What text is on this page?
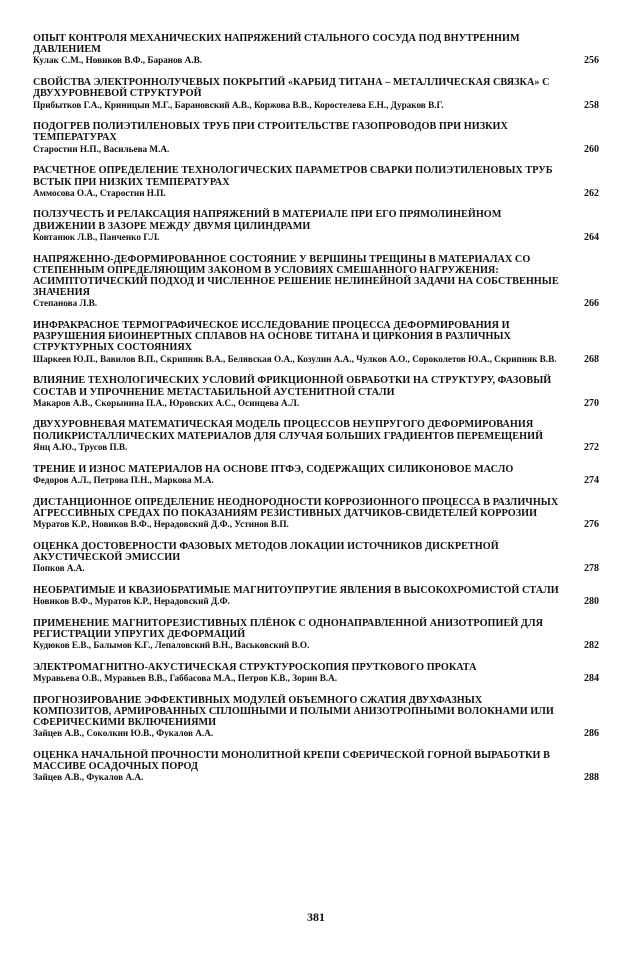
ОПЫТ КОНТРОЛЯ МЕХАНИЧЕСКИХ НАПРЯЖЕНИЙ СТАЛЬНОГО СОСУДА ПОД ВНУТРЕННИМ ДАВЛЕНИЕМ
Кулак С.М., Новиков В.Ф., Баранов А.В.	256
СВОЙСТВА ЭЛЕКТРОННОЛУЧЕВЫХ ПОКРЫТИЙ «КАРБИД ТИТАНА – МЕТАЛЛИЧЕСКАЯ СВЯЗКА» С ДВУХУРОВНЕВОЙ СТРУКТУРОЙ
Прибытков Г.А., Криницын М.Г., Барановский А.В., Коржова В.В., Коростелева Е.Н., Дураков В.Г.	258
ПОДОГРЕВ ПОЛИЭТИЛЕНОВЫХ ТРУБ ПРИ СТРОИТЕЛЬСТВЕ ГАЗОПРОВОДОВ ПРИ НИЗКИХ ТЕМПЕРАТУРАХ
Старостин Н.П., Васильева М.А.	260
РАСЧЕТНОЕ ОПРЕДЕЛЕНИЕ ТЕХНОЛОГИЧЕСКИХ ПАРАМЕТРОВ СВАРКИ ПОЛИЭТИЛЕНОВЫХ ТРУБ ВСТЫК ПРИ НИЗКИХ ТЕМПЕРАТУРАХ
Аммосова О.А., Старостин Н.П.	262
ПОЛЗУЧЕСТЬ И РЕЛАКСАЦИЯ НАПРЯЖЕНИЙ В МАТЕРИАЛЕ ПРИ ЕГО ПРЯМОЛИНЕЙНОМ ДВИЖЕНИИ В ЗАЗОРЕ МЕЖДУ ДВУМЯ ЦИЛИНДРАМИ
Ковтанюк Л.В., Панченко Г.Л.	264
НАПРЯЖЕННО-ДЕФОРМИРОВАННОЕ СОСТОЯНИЕ У ВЕРШИНЫ ТРЕЩИНЫ В МАТЕРИАЛАХ СО СТЕПЕННЫМ ОПРЕДЕЛЯЮЩИМ ЗАКОНОМ В УСЛОВИЯХ СМЕШАННОГО НАГРУЖЕНИЯ: АСИМПТОТИЧЕСКИЙ ПОДХОД И ЧИСЛЕННОЕ РЕШЕНИЕ НЕЛИНЕЙНОЙ ЗАДАЧИ НА СОБСТВЕННЫЕ ЗНАЧЕНИЯ
Степанова Л.В.	266
ИНФРАКРАСНОЕ ТЕРМОГРАФИЧЕСКОЕ ИССЛЕДОВАНИЕ ПРОЦЕССА ДЕФОРМИРОВАНИЯ И РАЗРУШЕНИЯ БИОИНЕРТНЫХ СПЛАВОВ НА ОСНОВЕ ТИТАНА И ЦИРКОНИЯ В РАЗЛИЧНЫХ СТРУКТУРНЫХ СОСТОЯНИЯХ
Шаркеев Ю.П., Вавилов В.П., Скрипняк В.А., Белявская О.А., Козулин А.А., Чулков А.О., Сороколетов Ю.А., Скрипняк В.В.	268
ВЛИЯНИЕ ТЕХНОЛОГИЧЕСКИХ УСЛОВИЙ ФРИКЦИОННОЙ ОБРАБОТКИ НА СТРУКТУРУ, ФАЗОВЫЙ СОСТАВ И УПРОЧНЕНИЕ МЕТАСТАБИЛЬНОЙ АУСТЕНИТНОЙ СТАЛИ
Макаров А.В., Скорынина П.А., Юровских А.С., Осинцева А.Л.	270
ДВУХУРОВНЕВАЯ МАТЕМАТИЧЕСКАЯ МОДЕЛЬ ПРОЦЕССОВ НЕУПРУГОГО ДЕФОРМИРОВАНИЯ ПОЛИКРИСТАЛЛИЧЕСКИХ МАТЕРИАЛОВ ДЛЯ СЛУЧАЯ БОЛЬШИХ ГРАДИЕНТОВ ПЕРЕМЕЩЕНИЙ
Янц А.Ю., Трусов П.В.	272
ТРЕНИЕ И ИЗНОС МАТЕРИАЛОВ НА ОСНОВЕ ПТФЭ, СОДЕРЖАЩИХ СИЛИКОНОВОЕ МАСЛО
Федоров А.Л., Петрова П.Н., Маркова М.А.	274
ДИСТАНЦИОННОЕ ОПРЕДЕЛЕНИЕ НЕОДНОРОДНОСТИ КОРРОЗИОННОГО ПРОЦЕССА В РАЗЛИЧНЫХ АГРЕССИВНЫХ СРЕДАХ ПО ПОКАЗАНИЯМ РЕЗИСТИВНЫХ ДАТЧИКОВ-СВИДЕТЕЛЕЙ КОРРОЗИИ
Муратов К.Р., Новиков В.Ф., Нерадовский Д.Ф., Устинов В.П.	276
ОЦЕНКА ДОСТОВЕРНОСТИ ФАЗОВЫХ МЕТОДОВ ЛОКАЦИИ ИСТОЧНИКОВ ДИСКРЕТНОЙ АКУСТИЧЕСКОЙ ЭМИССИИ
Попков А.А.	278
НЕОБРАТИМЫЕ И КВАЗИОБРАТИМЫЕ МАГНИТОУПРУГИЕ ЯВЛЕНИЯ В ВЫСОКОХРОМИСТОЙ СТАЛИ
Новиков В.Ф., Муратов К.Р., Нерадовский Д.Ф.	280
ПРИМЕНЕНИЕ МАГНИТОРЕЗИСТИВНЫХ ПЛЁНОК С ОДНОНАПРАВЛЕННОЙ АНИЗОТРОПИЕЙ ДЛЯ РЕГИСТРАЦИИ УПРУГИХ ДЕФОРМАЦИЙ
Кудюков Е.В., Балымов К.Г., Лепаловский В.Н., Васьковский В.О.	282
ЭЛЕКТРОМАГНИТНО-АКУСТИЧЕСКАЯ СТРУКТУРОСКОПИЯ ПРУТКОВОГО ПРОКАТА
Муравьева О.В., Муравьев В.В., Габбасова М.А., Петров К.В., Зорин В.А.	284
ПРОГНОЗИРОВАНИЕ ЭФФЕКТИВНЫХ МОДУЛЕЙ ОБЪЕМНОГО СЖАТИЯ ДВУХФАЗНЫХ КОМПОЗИТОВ, АРМИРОВАННЫХ СПЛОШНЫМИ И ПОЛЫМИ АНИЗОТРОПНЫМИ ВОЛОКНАМИ ИЛИ СФЕРИЧЕСКИМИ ВКЛЮЧЕНИЯМИ
Зайцев А.В., Соколкин Ю.В., Фукалов А.А.	286
ОЦЕНКА НАЧАЛЬНОЙ ПРОЧНОСТИ МОНОЛИТНОЙ КРЕПИ СФЕРИЧЕСКОЙ ГОРНОЙ ВЫРАБОТКИ В МАССИВЕ ОСАДОЧНЫХ ПОРОД
Зайцев А.В., Фукалов А.А.	288
381
